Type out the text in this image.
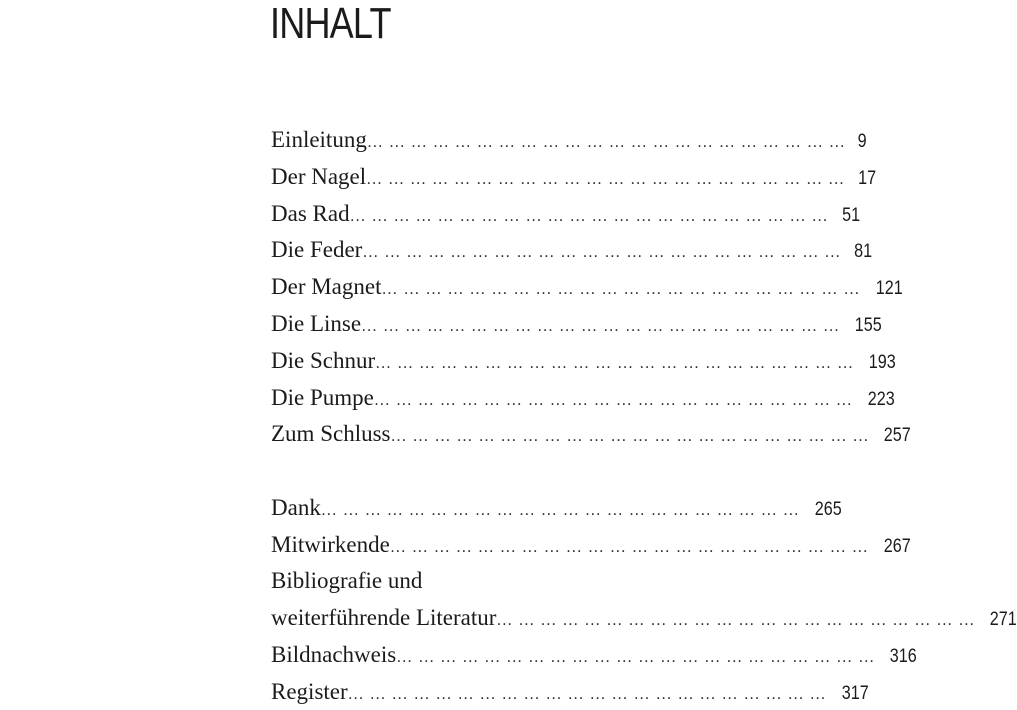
INHALT
Einleitung … … … … … … … … … … … … … … … … … … … … … … 9
Der Nagel … … … … … … … … … … … … … … … … … … … … … … 17
Das Rad … … … … … … … … … … … … … … … … … … … … … … 51
Die Feder … … … … … … … … … … … … … … … … … … … … … … 81
Der Magnet … … … … … … … … … … … … … … … … … … … … … … 121
Die Linse … … … … … … … … … … … … … … … … … … … … … … 155
Die Schnur … … … … … … … … … … … … … … … … … … … … … … 193
Die Pumpe … … … … … … … … … … … … … … … … … … … … … … 223
Zum Schluss … … … … … … … … … … … … … … … … … … … … … … 257
Dank … … … … … … … … … … … … … … … … … … … … … … 265
Mitwirkende … … … … … … … … … … … … … … … … … … … … … … 267
Bibliografie und
weiterführende Literatur … … … … … … … … … … … … … … … … … … … … … … 271
Bildnachweis … … … … … … … … … … … … … … … … … … … … … … 316
Register … … … … … … … … … … … … … … … … … … … … … … 317
